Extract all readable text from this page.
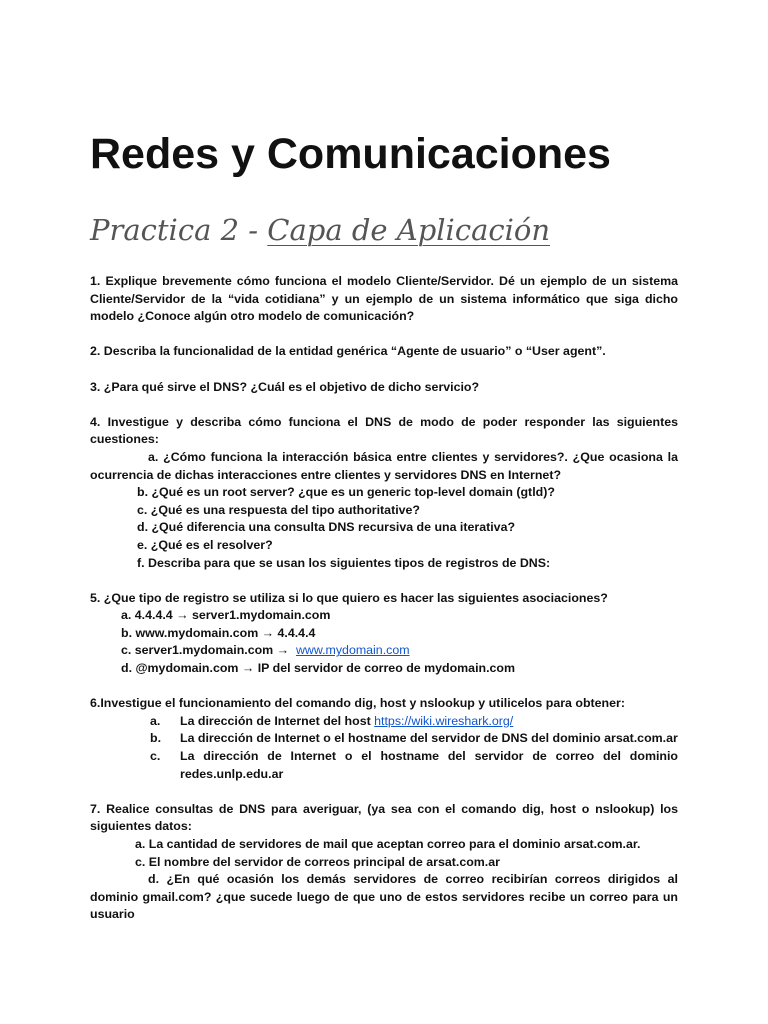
Redes y Comunicaciones
Practica 2 - Capa de Aplicación

1. Explique brevemente cómo funciona el modelo Cliente/Servidor. Dé un ejemplo de un sistema Cliente/Servidor de la “vida cotidiana” y un ejemplo de un sistema informático que siga dicho modelo ¿Conoce algún otro modelo de comunicación?

2. Describa la funcionalidad de la entidad genérica “Agente de usuario” o “User agent”.

3. ¿Para qué sirve el DNS? ¿Cuál es el objetivo de dicho servicio?

4. Investigue y describa cómo funciona el DNS de modo de poder responder las siguientes cuestiones:

a. ¿Cómo funciona la interacción básica entre clientes y servidores?. ¿Que ocasiona la ocurrencia de dichas interacciones entre clientes y servidores DNS en Internet?

b. ¿Qué es un root server? ¿que es un generic top-level domain (gtld)?

c. ¿Qué es una respuesta del tipo authoritative?

d. ¿Qué diferencia una consulta DNS recursiva de una iterativa?

e. ¿Qué es el resolver?

f. Describa para que se usan los siguientes tipos de registros de DNS:

5. ¿Que tipo de registro se utiliza si lo que quiero es hacer las siguientes asociaciones?

a. 4.4.4.4 → server1.mydomain.com

b. www.mydomain.com → 4.4.4.4

c. server1.mydomain.com → www.mydomain.com

d. @mydomain.com → IP del servidor de correo de mydomain.com

6.Investigue el funcionamiento del comando dig, host y nslookup y utilicelos para obtener:

a.	La dirección de Internet del host https://wiki.wireshark.org/
b.	La dirección de Internet o el hostname del servidor de DNS del dominio arsat.com.ar
c.	La dirección de Internet o el hostname del servidor de correo del dominio redes.unlp.edu.ar

7. Realice consultas de DNS para averiguar, (ya sea con el comando dig, host o nslookup) los siguientes datos:

a. La cantidad de servidores de mail que aceptan correo para el dominio arsat.com.ar.

c. El nombre del servidor de correos principal de arsat.com.ar

d. ¿En qué ocasión los demás servidores de correo recibirían correos dirigidos al dominio gmail.com? ¿que sucede luego de que uno de estos servidores recibe un correo para un usuario
